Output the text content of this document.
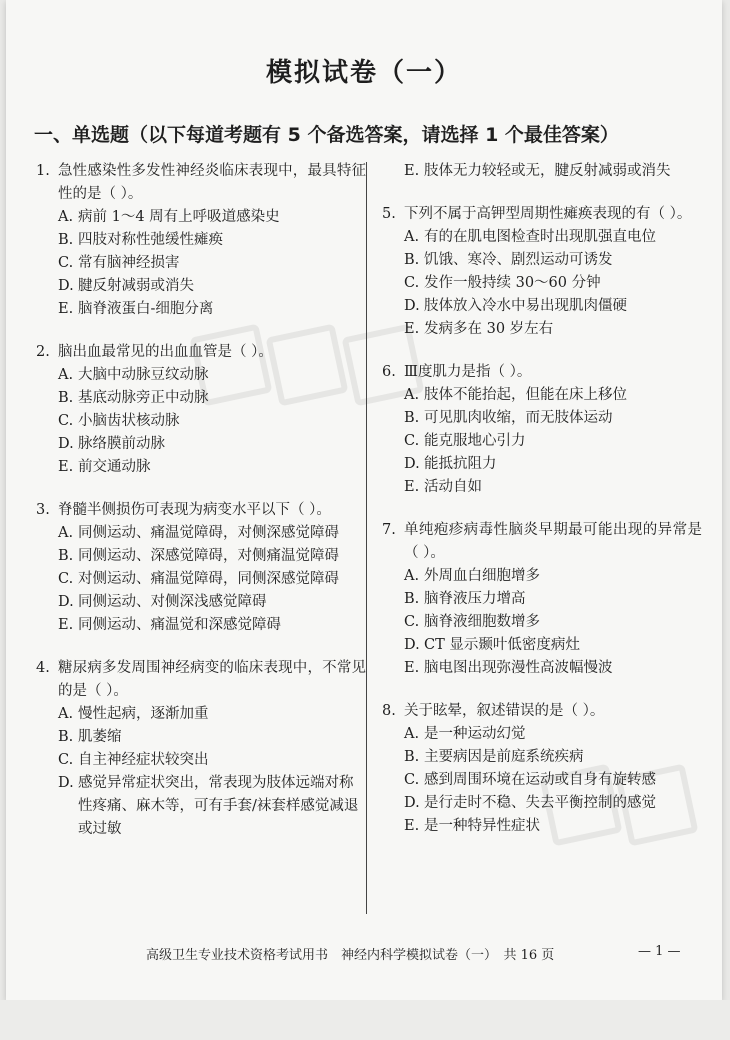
模拟试卷（一）
一、单选题（以下每道考题有 5 个备选答案，请选择 1 个最佳答案）
1. 急性感染性多发性神经炎临床表现中，最具特征性的是（ ）。
A. 病前 1～4 周有上呼吸道感染史
B. 四肢对称性弛缓性瘫痪
C. 常有脑神经损害
D. 腱反射减弱或消失
E. 脑脊液蛋白-细胞分离
2. 脑出血最常见的出血血管是（ ）。
A. 大脑中动脉豆纹动脉
B. 基底动脉旁正中动脉
C. 小脑齿状核动脉
D. 脉络膜前动脉
E. 前交通动脉
3. 脊髓半侧损伤可表现为病变水平以下（ ）。
A. 同侧运动、痛温觉障碍，对侧深感觉障碍
B. 同侧运动、深感觉障碍，对侧痛温觉障碍
C. 对侧运动、痛温觉障碍，同侧深感觉障碍
D. 同侧运动、对侧深浅感觉障碍
E. 同侧运动、痛温觉和深感觉障碍
4. 糖尿病多发周围神经病变的临床表现中，不常见的是（ ）。
A. 慢性起病，逐渐加重
B. 肌萎缩
C. 自主神经症状较突出
D. 感觉异常症状突出，常表现为肢体远端对称性疼痛、麻木等，可有手套/袜套样感觉减退或过敏
E. 肢体无力较轻或无，腱反射减弱或消失
5. 下列不属于高钾型周期性瘫痪表现的有（ ）。
A. 有的在肌电图检查时出现肌强直电位
B. 饥饿、寒冷、剧烈运动可诱发
C. 发作一般持续 30～60 分钟
D. 肢体放入冷水中易出现肌肉僵硬
E. 发病多在 30 岁左右
6. Ⅲ度肌力是指（ ）。
A. 肢体不能抬起，但能在床上移位
B. 可见肌肉收缩，而无肢体运动
C. 能克服地心引力
D. 能抵抗阻力
E. 活动自如
7. 单纯疱疹病毒性脑炎早期最可能出现的异常是（ ）。
A. 外周血白细胞增多
B. 脑脊液压力增高
C. 脑脊液细胞数增多
D. CT 显示颞叶低密度病灶
E. 脑电图出现弥漫性高波幅慢波
8. 关于眩晕，叙述错误的是（ ）。
A. 是一种运动幻觉
B. 主要病因是前庭系统疾病
C. 感到周围环境在运动或自身有旋转感
D. 是行走时不稳、失去平衡控制的感觉
E. 是一种特异性症状
高级卫生专业技术资格考试用书　神经内科学模拟试卷（一）　共 16 页	— 1 —
